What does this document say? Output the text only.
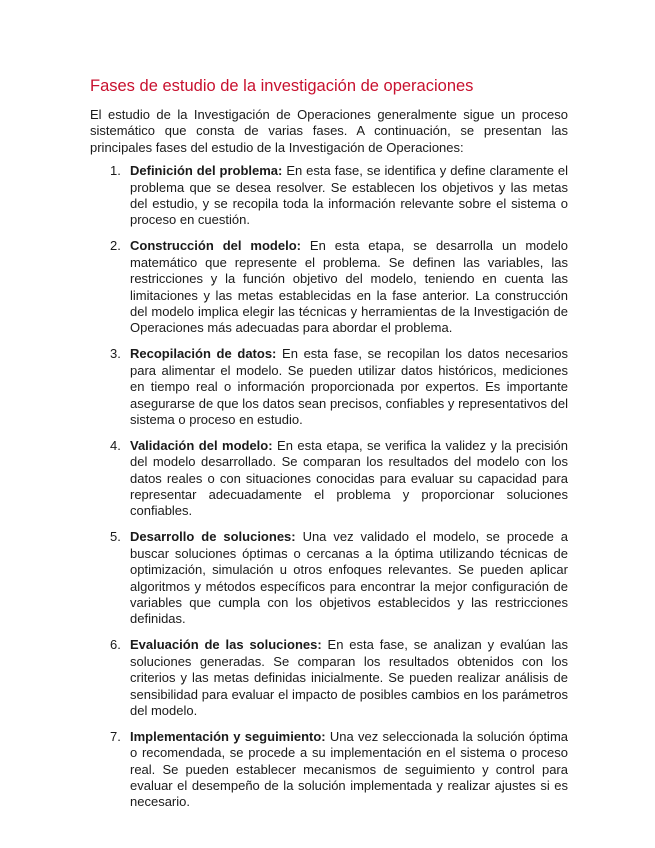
Fases de estudio de la investigación de operaciones

El estudio de la Investigación de Operaciones generalmente sigue un proceso sistemático que consta de varias fases. A continuación, se presentan las principales fases del estudio de la Investigación de Operaciones:

1. Definición del problema: En esta fase, se identifica y define claramente el problema que se desea resolver. Se establecen los objetivos y las metas del estudio, y se recopila toda la información relevante sobre el sistema o proceso en cuestión.
2. Construcción del modelo: En esta etapa, se desarrolla un modelo matemático que represente el problema. Se definen las variables, las restricciones y la función objetivo del modelo, teniendo en cuenta las limitaciones y las metas establecidas en la fase anterior. La construcción del modelo implica elegir las técnicas y herramientas de la Investigación de Operaciones más adecuadas para abordar el problema.
3. Recopilación de datos: En esta fase, se recopilan los datos necesarios para alimentar el modelo. Se pueden utilizar datos históricos, mediciones en tiempo real o información proporcionada por expertos. Es importante asegurarse de que los datos sean precisos, confiables y representativos del sistema o proceso en estudio.
4. Validación del modelo: En esta etapa, se verifica la validez y la precisión del modelo desarrollado. Se comparan los resultados del modelo con los datos reales o con situaciones conocidas para evaluar su capacidad para representar adecuadamente el problema y proporcionar soluciones confiables.
5. Desarrollo de soluciones: Una vez validado el modelo, se procede a buscar soluciones óptimas o cercanas a la óptima utilizando técnicas de optimización, simulación u otros enfoques relevantes. Se pueden aplicar algoritmos y métodos específicos para encontrar la mejor configuración de variables que cumpla con los objetivos establecidos y las restricciones definidas.
6. Evaluación de las soluciones: En esta fase, se analizan y evalúan las soluciones generadas. Se comparan los resultados obtenidos con los criterios y las metas definidas inicialmente. Se pueden realizar análisis de sensibilidad para evaluar el impacto de posibles cambios en los parámetros del modelo.
7. Implementación y seguimiento: Una vez seleccionada la solución óptima o recomendada, se procede a su implementación en el sistema o proceso real. Se pueden establecer mecanismos de seguimiento y control para evaluar el desempeño de la solución implementada y realizar ajustes si es necesario.
